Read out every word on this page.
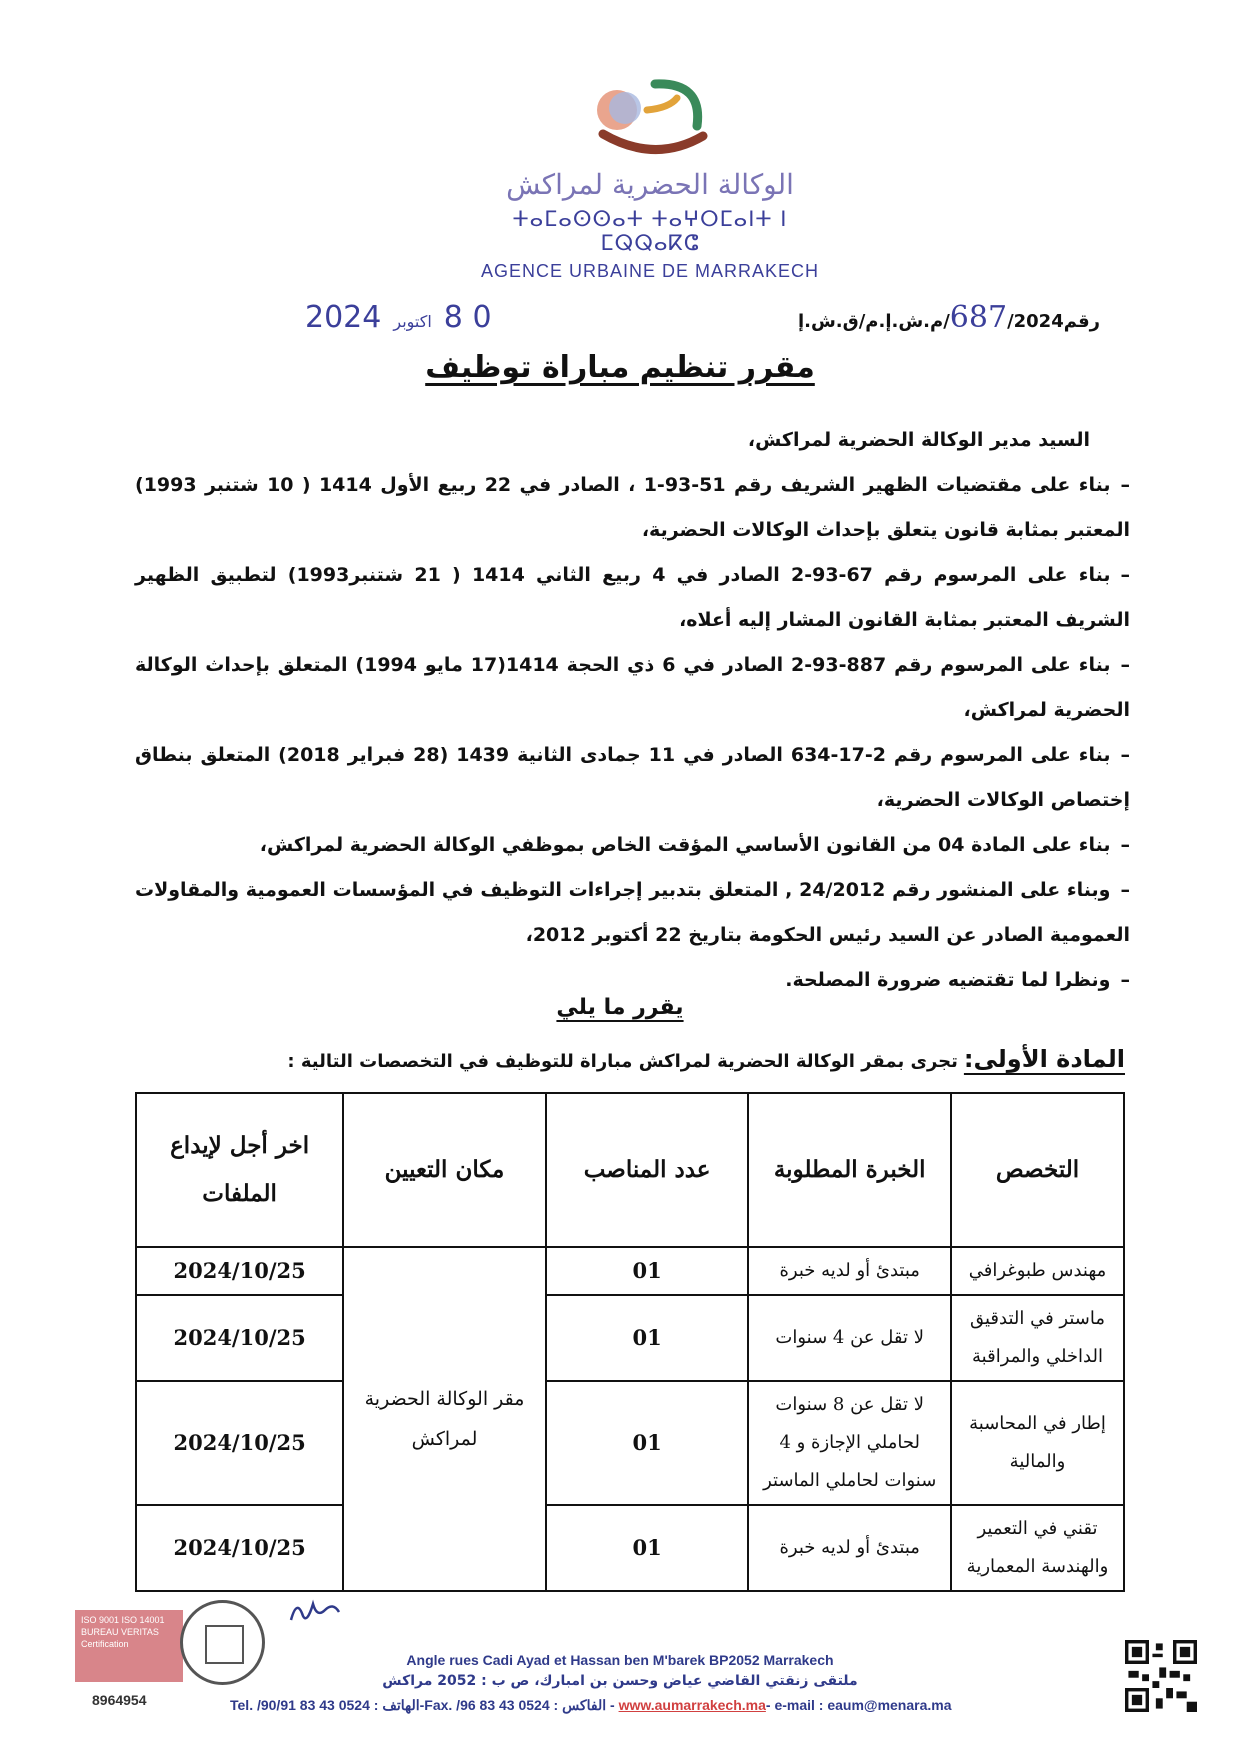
الوكالة الحضرية لمراكش
ⵜⴰⵎⴰⵙⵙⴰⵜ ⵜⴰⵖⵔⵎⴰⵏⵜ ⵏ ⵎⵕⵕⴰⴽⵛ
AGENCE URBAINE DE MARRAKECH
رقم687/2024/م.ش.إ.م/ق.ش.إ
0 8اكتوبر2024
مقرر تنظيم مباراة توظيف

السيد مدير الوكالة الحضرية لمراكش،

–بناء على مقتضيات الظهير الشريف رقم 51-93-1 ، الصادر في 22 ربيع الأول 1414 ( 10 شتنبر 1993) المعتبر بمثابة قانون يتعلق بإحداث الوكالات الحضرية،

–بناء على المرسوم رقم 67-93-2 الصادر في 4 ربيع الثاني 1414 ( 21 شتنبر1993) لتطبيق الظهير الشريف المعتبر بمثابة القانون المشار إليه أعلاه،

–بناء على المرسوم رقم 887-93-2 الصادر في 6 ذي الحجة 1414(17 مايو 1994) المتعلق بإحداث الوكالة الحضرية لمراكش،

–بناء على المرسوم رقم 2-17-634 الصادر في 11 جمادى الثانية 1439 (28 فبراير 2018) المتعلق بنطاق إختصاص الوكالات الحضرية،

–بناء على المادة 04 من القانون الأساسي المؤقت الخاص بموظفي الوكالة الحضرية لمراكش،

–وبناء على المنشور رقم 24/2012 , المتعلق بتدبير إجراءات التوظيف في المؤسسات العمومية والمقاولات العمومية الصادر عن السيد رئيس الحكومة بتاريخ 22 أكتوبر 2012،

–ونظرا لما تقتضيه ضرورة المصلحة.

يقرر ما يلي
المادة الأولى:تجرى بمقر الوكالة الحضرية لمراكش مباراة للتوظيف في التخصصات التالية :
التخصص	الخبرة المطلوبة	عدد المناصب	مكان التعيين	اخر أجل لإيداع الملفات
مهندس طبوغرافي	مبتدئ أو لديه خبرة	01	مقر الوكالة الحضرية لمراكش	2024/10/25
ماستر في التدقيق الداخلي والمراقبة	لا تقل عن 4 سنوات	01		2024/10/25
إطار في المحاسبة والمالية	لا تقل عن 8 سنوات لحاملي الإجازة و 4 سنوات لحاملي الماستر	01		2024/10/25
تقني في التعمير والهندسة المعمارية	مبتدئ أو لديه خبرة	01		2024/10/25
ISO 9001 ISO 14001 BUREAU VERITAS Certification
8964954
Angle rues Cadi Ayad et Hassan ben M'barek BP2052 Marrakech
ملتقى زنقتي القاضي عياض وحسن بن امبارك، ص ب : 2052 مراكش
Tel. /الهاتف : 0524 43 83 90/91-Fax. /الفاكس : 0524 43 83 96 - www.aumarrakech.ma- e-mail : eaum@menara.ma
